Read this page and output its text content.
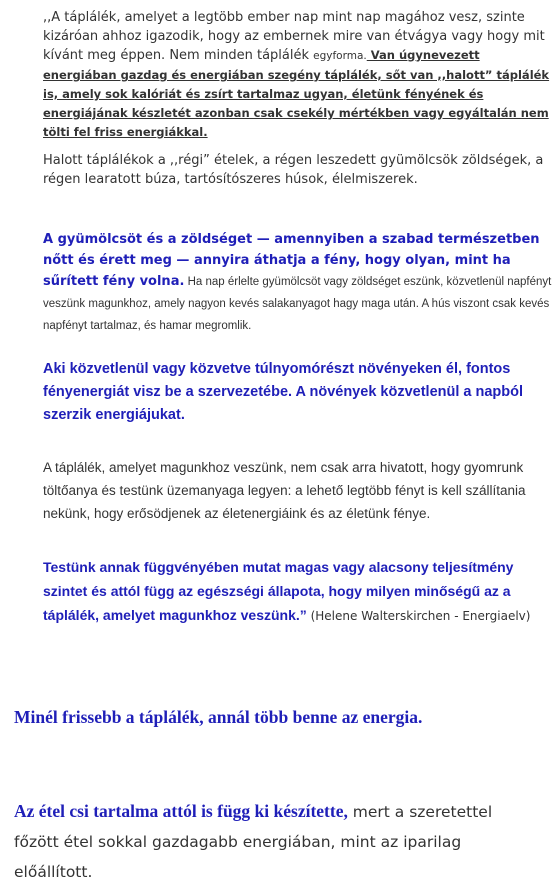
,,A táplálék, amelyet a legtöbb ember nap mint nap magához vesz, szinte kizáróan ahhoz igazodik, hogy az embernek mire van étvágya vagy hogy mit kívánt meg éppen. Nem minden táplálék egyforma. Van úgynevezett energiában gazdag és energiában szegény táplálék, sőt van ,,halott” táplálék is, amely sok kalóriát és zsírt tartalmaz ugyan, életünk fényének és energiájának készletét azonban csak csekély mértékben vagy egyáltalán nem tölti fel friss energiákkal.

Halott táplálékok a ,,régi” ételek, a régen leszedett gyümölcsök zöldségek, a régen learatott búza, tartósítószeres húsok, élelmiszerek.

A gyümölcsöt és a zöldséget — amennyiben a szabad természetben nőtt és érett meg — annyira áthatja a fény, hogy olyan, mint ha sűrített fény volna. Ha nap érlelte gyümölcsöt vagy zöldséget eszünk, közvetlenül napfényt veszünk magunkhoz, amely nagyon kevés salakanyagot hagy maga után. A hús viszont csak kevés napfényt tartalmaz, és hamar megromlik.

Aki közvetlenül vagy közvetve túlnyomórészt növényeken él, fontos fényenergiát visz be a szervezetébe. A növények közvetlenül a napból szerzik energiájukat.

A táplálék, amelyet magunkhoz veszünk, nem csak arra hivatott, hogy gyomrunk töltőanya és testünk üzemanyaga legyen: a lehető legtöbb fényt is kell szállítania nekünk, hogy erősödjenek az életenergiáink és az életünk fénye.

Testünk annak függvényében mutat magas vagy alacsony teljesítmény szintet és attól függ az egészségi állapota, hogy milyen minőségű az a táplálék, amelyet magunkhoz veszünk.” (Helene Walterskirchen - Energiaelv)

Minél frissebb a táplálék, annál több benne az energia.

Az étel csi tartalma attól is függ ki készítette, mert a szeretettel főzött étel sokkal gazdagabb energiában, mint az iparilag előállított.
